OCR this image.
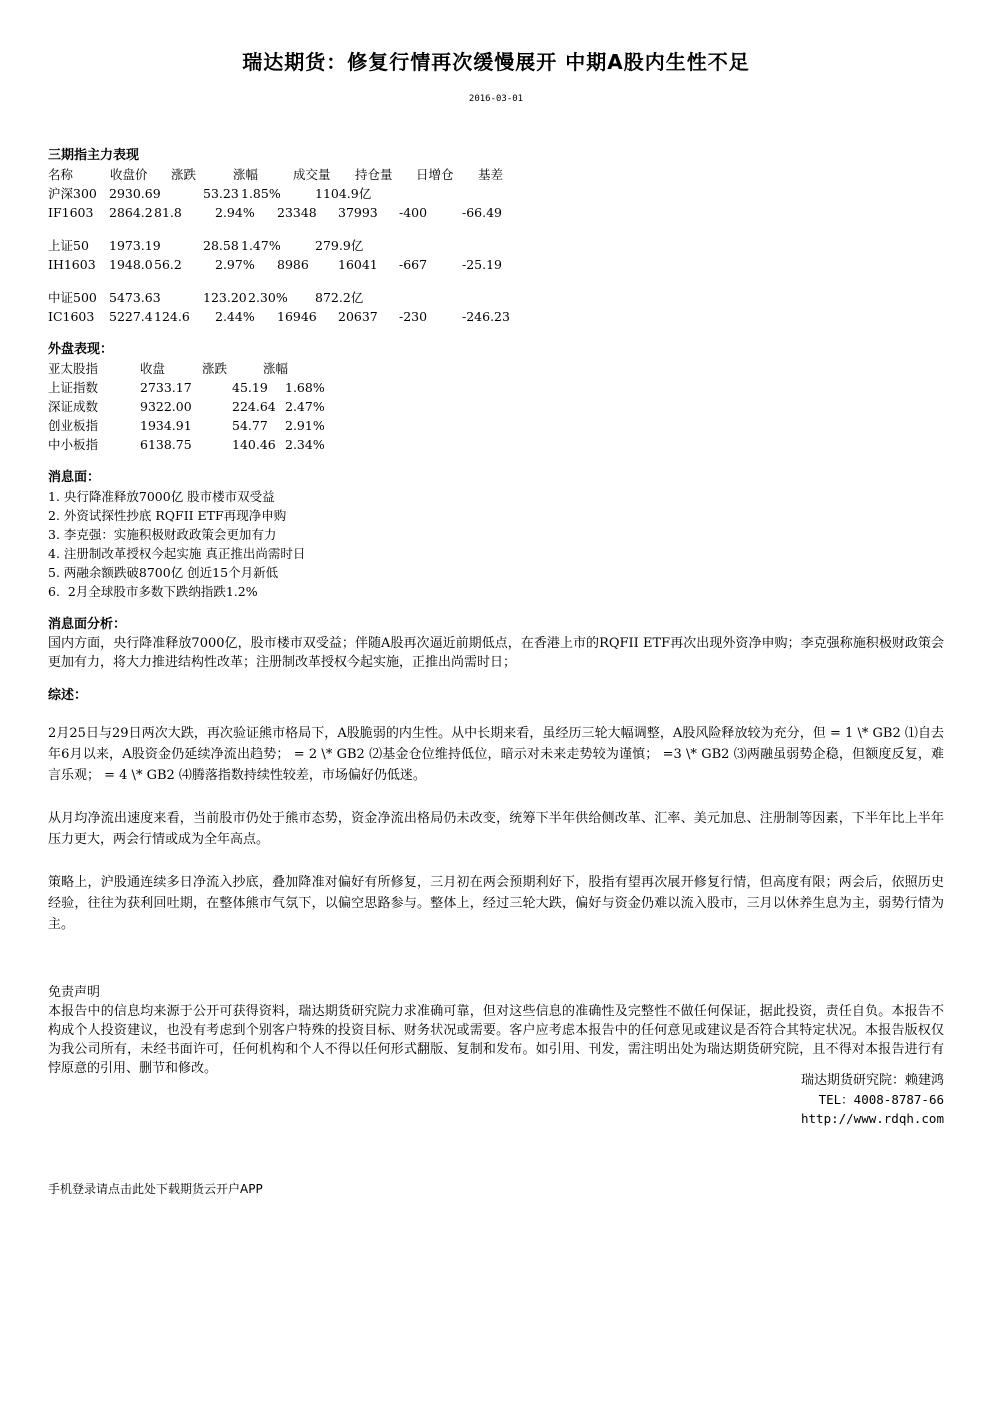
瑞达期货：修复行情再次缓慢展开 中期A股内生性不足
2016-03-01
三期指主力表现
名称	收盘价	涨跌	涨幅	成交量	持仓量	日增仓	基差
沪深300 2930.69	53.23 1.85%	1104.9亿
IF1603	2864.2 81.8	2.94%	23348	37993	-400	-66.49
上证50	1973.19	28.58 1.47%	279.9亿
IH1603	1948.0 56.2	2.97%	8986	16041	-667	-25.19
中证500 5473.63	123.20 2.30%	872.2亿
IC1603	5227.4 124.6	2.44%	16946	20637	-230	-246.23
外盘表现：
亚太股指	收盘	涨跌	涨幅
上证指数	2733.17	45.19	1.68%
深证成数	9322.00	224.64 2.47%
创业板指	1934.91	54.77	2.91%
中小板指	6138.75	140.46 2.34%
消息面：
1. 央行降准释放7000亿 股市楼市双受益
2. 外资试探性抄底 RQFII ETF再现净申购
3. 李克强：实施积极财政政策会更加有力
4. 注册制改革授权今起实施 真正推出尚需时日
5. 两融余额跌破8700亿 创近15个月新低
6.  2月全球股市多数下跌纳指跌1.2%
消息面分析：
国内方面，央行降准释放7000亿，股市楼市双受益；伴随A股再次逼近前期低点，在香港上市的RQFII ETF再次出现外资净申购；李克强称施积极财政策会更加有力，将大力推进结构性改革；注册制改革授权今起实施，正推出尚需时日；
综述：
2月25日与29日两次大跌，再次验证熊市格局下，A股脆弱的内生性。从中长期来看，虽经历三轮大幅调整，A股风险释放较为充分，但 = 1 \* GB2 ⑴自去年6月以来，A股资金仍延续净流出趋势； = 2 \* GB2 ⑵基金仓位维持低位，暗示对未来走势较为谨慎； =3 \* GB2 ⑶两融虽弱势企稳，但额度反复，难言乐观； = 4 \* GB2 ⑷腾落指数持续性较差，市场偏好仍低迷。
从月均净流出速度来看，当前股市仍处于熊市态势，资金净流出格局仍未改变，统筹下半年供给侧改革、汇率、美元加息、注册制等因素，下半年比上半年压力更大，两会行情或成为全年高点。
策略上，沪股通连续多日净流入抄底，叠加降准对偏好有所修复，三月初在两会预期利好下，股指有望再次展开修复行情，但高度有限；两会后，依照历史经验，往往为获利回吐期，在整体熊市气氛下，以偏空思路参与。整体上，经过三轮大跌，偏好与资金仍难以流入股市，三月以休养生息为主，弱势行情为主。
免责声明
本报告中的信息均来源于公开可获得资料，瑞达期货研究院力求准确可靠，但对这些信息的准确性及完整性不做任何保证，据此投资，责任自负。本报告不构成个人投资建议，也没有考虑到个别客户特殊的投资目标、财务状况或需要。客户应考虑本报告中的任何意见或建议是否符合其特定状况。本报告版权仅为我公司所有，未经书面许可，任何机构和个人不得以任何形式翻版、复制和发布。如引用、刊发，需注明出处为瑞达期货研究院，且不得对本报告进行有悖原意的引用、删节和修改。
瑞达期货研究院：赖建鸿
TEL：4008-8787-66
http://www.rdqh.com
手机登录请点击此处下载期货云开户APP
